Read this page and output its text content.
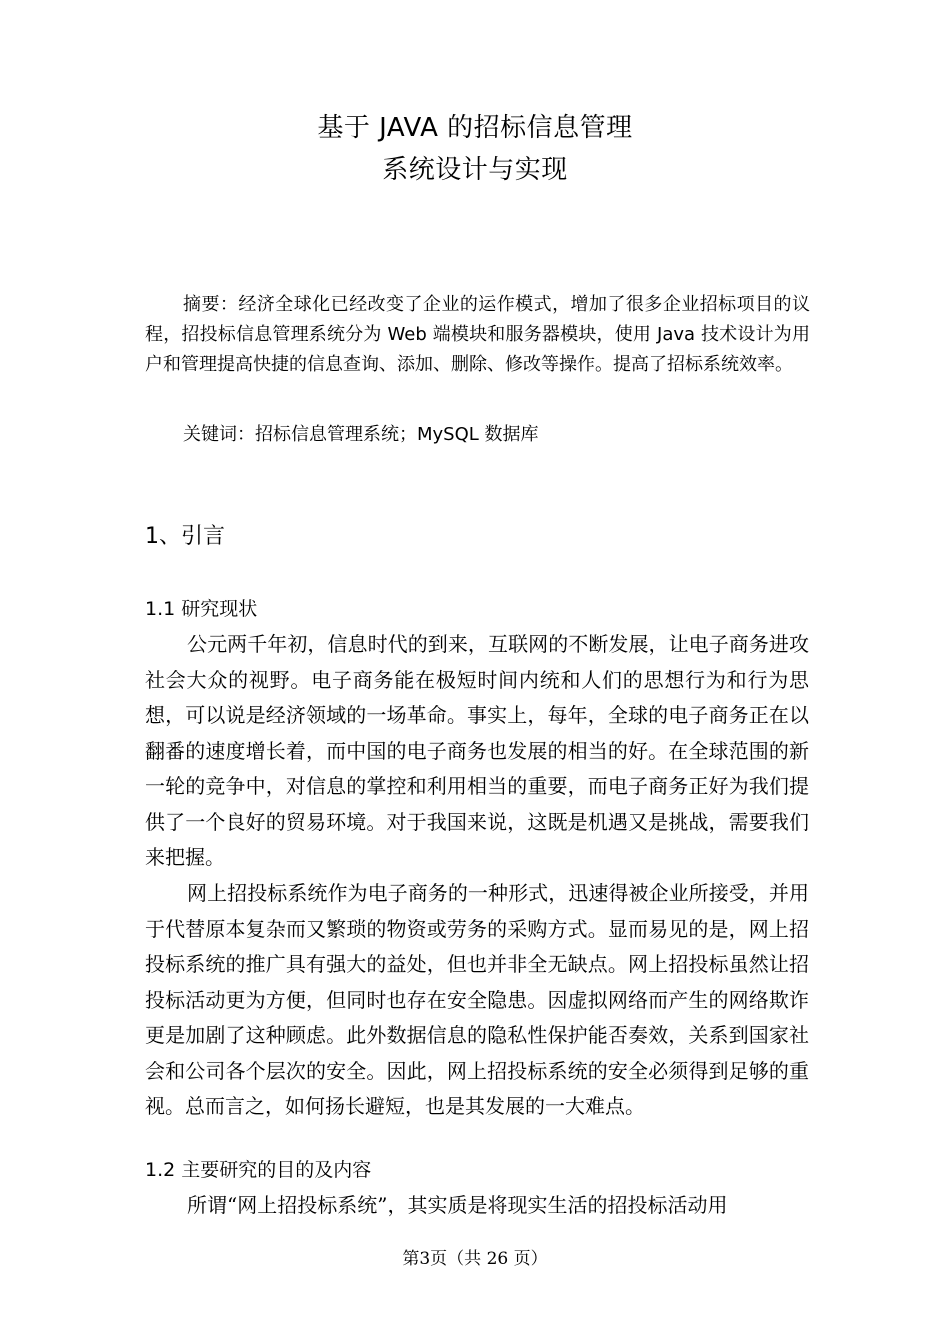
基于 JAVA 的招标信息管理
系统设计与实现
摘要：经济全球化已经改变了企业的运作模式，增加了很多企业招标项目的议程，招投标信息管理系统分为 Web 端模块和服务器模块，使用 Java 技术设计为用户和管理提高快捷的信息查询、添加、删除、修改等操作。提高了招标系统效率。
关键词：招标信息管理系统；MySQL 数据库
1、引言
1.1 研究现状
公元两千年初，信息时代的到来，互联网的不断发展，让电子商务进攻社会大众的视野。电子商务能在极短时间内统和人们的思想行为和行为思想，可以说是经济领域的一场革命。事实上，每年，全球的电子商务正在以翻番的速度增长着，而中国的电子商务也发展的相当的好。在全球范围的新一轮的竞争中，对信息的掌控和利用相当的重要，而电子商务正好为我们提供了一个良好的贸易环境。对于我国来说，这既是机遇又是挑战，需要我们来把握。
网上招投标系统作为电子商务的一种形式，迅速得被企业所接受，并用于代替原本复杂而又繁琐的物资或劳务的采购方式。显而易见的是，网上招投标系统的推广具有强大的益处，但也并非全无缺点。网上招投标虽然让招投标活动更为方便，但同时也存在安全隐患。因虚拟网络而产生的网络欺诈更是加剧了这种顾虑。此外数据信息的隐私性保护能否奏效，关系到国家社会和公司各个层次的安全。因此，网上招投标系统的安全必须得到足够的重视。总而言之，如何扬长避短，也是其发展的一大难点。
1.2 主要研究的目的及内容
所谓“网上招投标系统”，其实质是将现实生活的招投标活动用
第3页（共 26 页）
